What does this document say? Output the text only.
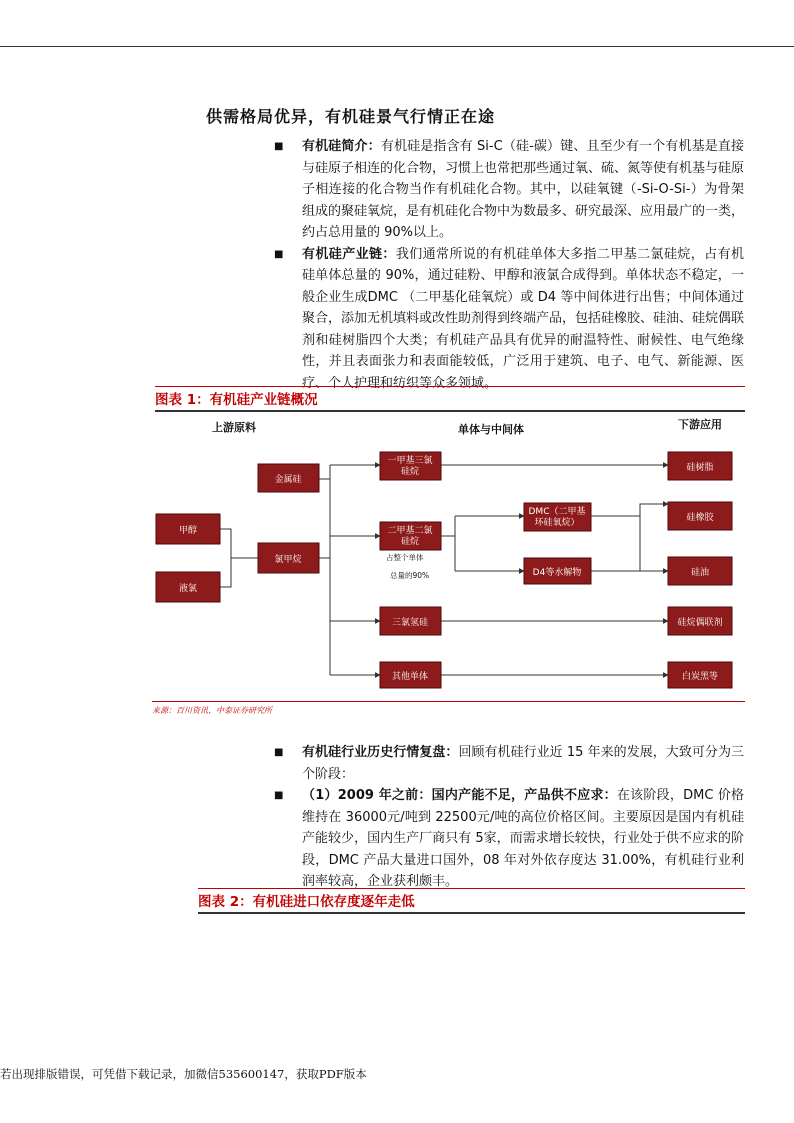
供需格局优异，有机硅景气行情正在途
■ 有机硅简介：有机硅是指含有 Si-C（硅-碳）键、且至少有一个有机基是直接与硅原子相连的化合物，习惯上也常把那些通过氧、硫、氮等使有机基与硅原子相连接的化合物当作有机硅化合物。其中，以硅氧键（-Si-O-Si-）为骨架组成的聚硅氧烷，是有机硅化合物中为数最多、研究最深、应用最广的一类，约占总用量的 90%以上。
■ 有机硅产业链：我们通常所说的有机硅单体大多指二甲基二氯硅烷，占有机硅单体总量的 90%，通过硅粉、甲醇和液氯合成得到。单体状态不稳定，一般企业生成DMC （二甲基化硅氧烷）或 D4 等中间体进行出售；中间体通过聚合，添加无机填料或改性助剂得到终端产品，包括硅橡胶、硅油、硅烷偶联剂和硅树脂四个大类；有机硅产品具有优异的耐温特性、耐候性、电气绝缘性，并且表面张力和表面能较低，广泛用于建筑、电子、电气、新能源、医疗、个人护理和纺织等众多领域。
图表 1：有机硅产业链概况
上游原料	单体与中间体	下游应用
金属硅
甲醇
液氯
氯甲烷
一甲基三氯
硅烷
二甲基二氯
硅烷
占整个单体
总量的90%
DMC（二甲基
环硅氧烷）
D4等水解物
三氯氢硅
其他单体
硅树脂
硅橡胶
硅油
硅烷偶联剂
白炭黑等
来源：百川资讯、中泰证券研究所
■ 有机硅行业历史行情复盘：回顾有机硅行业近 15 年来的发展，大致可分为三个阶段：
■ （1）2009 年之前：国内产能不足，产品供不应求：在该阶段，DMC 价格维持在 36000元/吨到 22500元/吨的高位价格区间。主要原因是国内有机硅产能较少，国内生产厂商只有 5家，而需求增长较快，行业处于供不应求的阶段，DMC 产品大量进口国外，08 年对外依存度达 31.00%，有机硅行业利润率较高，企业获利颇丰。
图表 2：有机硅进口依存度逐年走低
若出现排版错误，可凭借下载记录，加微信535600147，获取PDF版本
